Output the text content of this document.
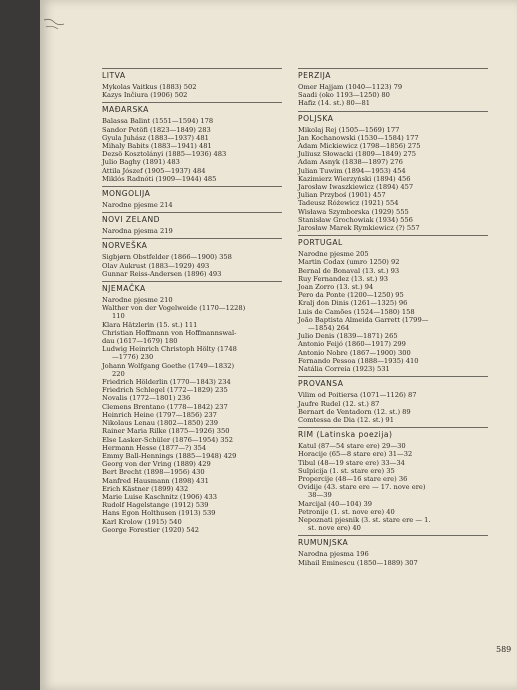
LITVA
Mykolas Vaitkus (1883) 502
Kazys Inčiura (1906) 502
MAĐARSKA
Balassa Balint (1551—1594) 178
Sandor Petöfi (1823—1849) 283
Gyula Juhász (1883—1937) 481
Mihaly Babits (1883—1941) 481
Dezsö Kosztolányi (1885—1936) 483
Julio Baghy (1891) 483
Attila Jószef (1905—1937) 484
Miklós Radnóti (1909—1944) 485
MONGOLIJA
Narodne pjesme 214
NOVI ZELAND
Narodna pjesma 219
NORVEŠKA
Sigbjørn Obstfelder (1866—1900) 358
Olav Aukrust (1883—1929) 493
Gunnar Reiss-Andersen (1896) 493
NJEMAČKA
Narodne pjesme 210
Walther von der Vogelweide (1170—1228)
110
Klara Hätzlerin (15. st.) 111
Christian Hoffmann von Hoffmannswal-
dau (1617—1679) 180
Ludwig Heinrich Christoph Hölty (1748
—1776) 230
Johann Wolfgang Goethe (1749—1832)
220
Friedrich Hölderlin (1770—1843) 234
Friedrich Schlegel (1772—1829) 235
Novalis (1772—1801) 236
Clemens Brentano (1778—1842) 237
Heinrich Heine (1797—1856) 237
Nikolaus Lenau (1802—1850) 239
Rainer Maria Rilke (1875—1926) 350
Else Lasker-Schüler (1876—1954) 352
Hermann Hesse (1877—?) 354
Emmy Ball-Hennings (1885—1948) 429
Georg von der Vring (1889) 429
Bert Brecht (1898—1956) 430
Manfred Hausmann (1898) 431
Erich Kästner (1899) 432
Marie Luise Kaschnitz (1906) 433
Rudolf Hagelstange (1912) 539
Hans Egon Holthusen (1913) 539
Karl Krolow (1915) 540
George Forestier (1920) 542
PERZIJA
Omer Hajjam (1040—1123) 79
Saadi (oko 1193—1250) 80
Hafiz (14. st.) 80—81
POLJSKA
Mikolaj Rej (1505—1569) 177
Jan Kochanowski (1530—1584) 177
Adam Mickiewicz (1798—1856) 275
Juliusz Słowacki (1809—1849) 275
Adam Asnyk (1838—1897) 276
Julian Tuwim (1894—1953) 454
Kazimierz Wierzyński (1894) 456
Jarosław Iwaszkiewicz (1894) 457
Julian Przyboś (1901) 457
Tadeusz Różewicz (1921) 554
Wisława Szymborska (1929) 555
Stanisław Grochowiak (1934) 556
Jarosław Marek Rymkiewicz (?) 557
PORTUGAL
Narodne pjesme 205
Martin Codax (umro 1250) 92
Bernal de Bonaval (13. st.) 93
Ruy Fernandez (13. st.) 93
Joan Zorro (13. st.) 94
Pero da Ponte (1200—1250) 95
Kralj don Dinis (1261—1325) 96
Luis de Camões (1524—1580) 158
João Baptista Almeida Garrett (1799—
—1854) 264
Julio Denis (1839—1871) 265
Antonio Feijó (1860—1917) 299
Antonio Nobre (1867—1900) 300
Fernando Pessoa (1888—1935) 410
Natália Correia (1923) 531
PROVANSA
Vilim od Poitiersa (1071—1126) 87
Jaufre Rudel (12. st.) 87
Bernart de Ventadorn (12. st.) 89
Comtessa de Dia (12. st.) 91
RIM (Latinska poezija)
Katul (87—54 stare ere) 29—30
Horacije (65—8 stare ere) 31—32
Tibul (48—19 stare ere) 33—34
Sulpicija (1. st. stare ere) 35
Propercije (48—16 stare ere) 36
Ovidije (43. stare ere — 17. nove ere)
38—39
Marcijal (40—104) 39
Petronije (1. st. nove ere) 40
Nepoznati pjesnik (3. st. stare ere — 1.
st. nove ere) 40
RUMUNJSKA
Narodna pjesma 196
Mihail Eminescu (1850—1889) 307
589
